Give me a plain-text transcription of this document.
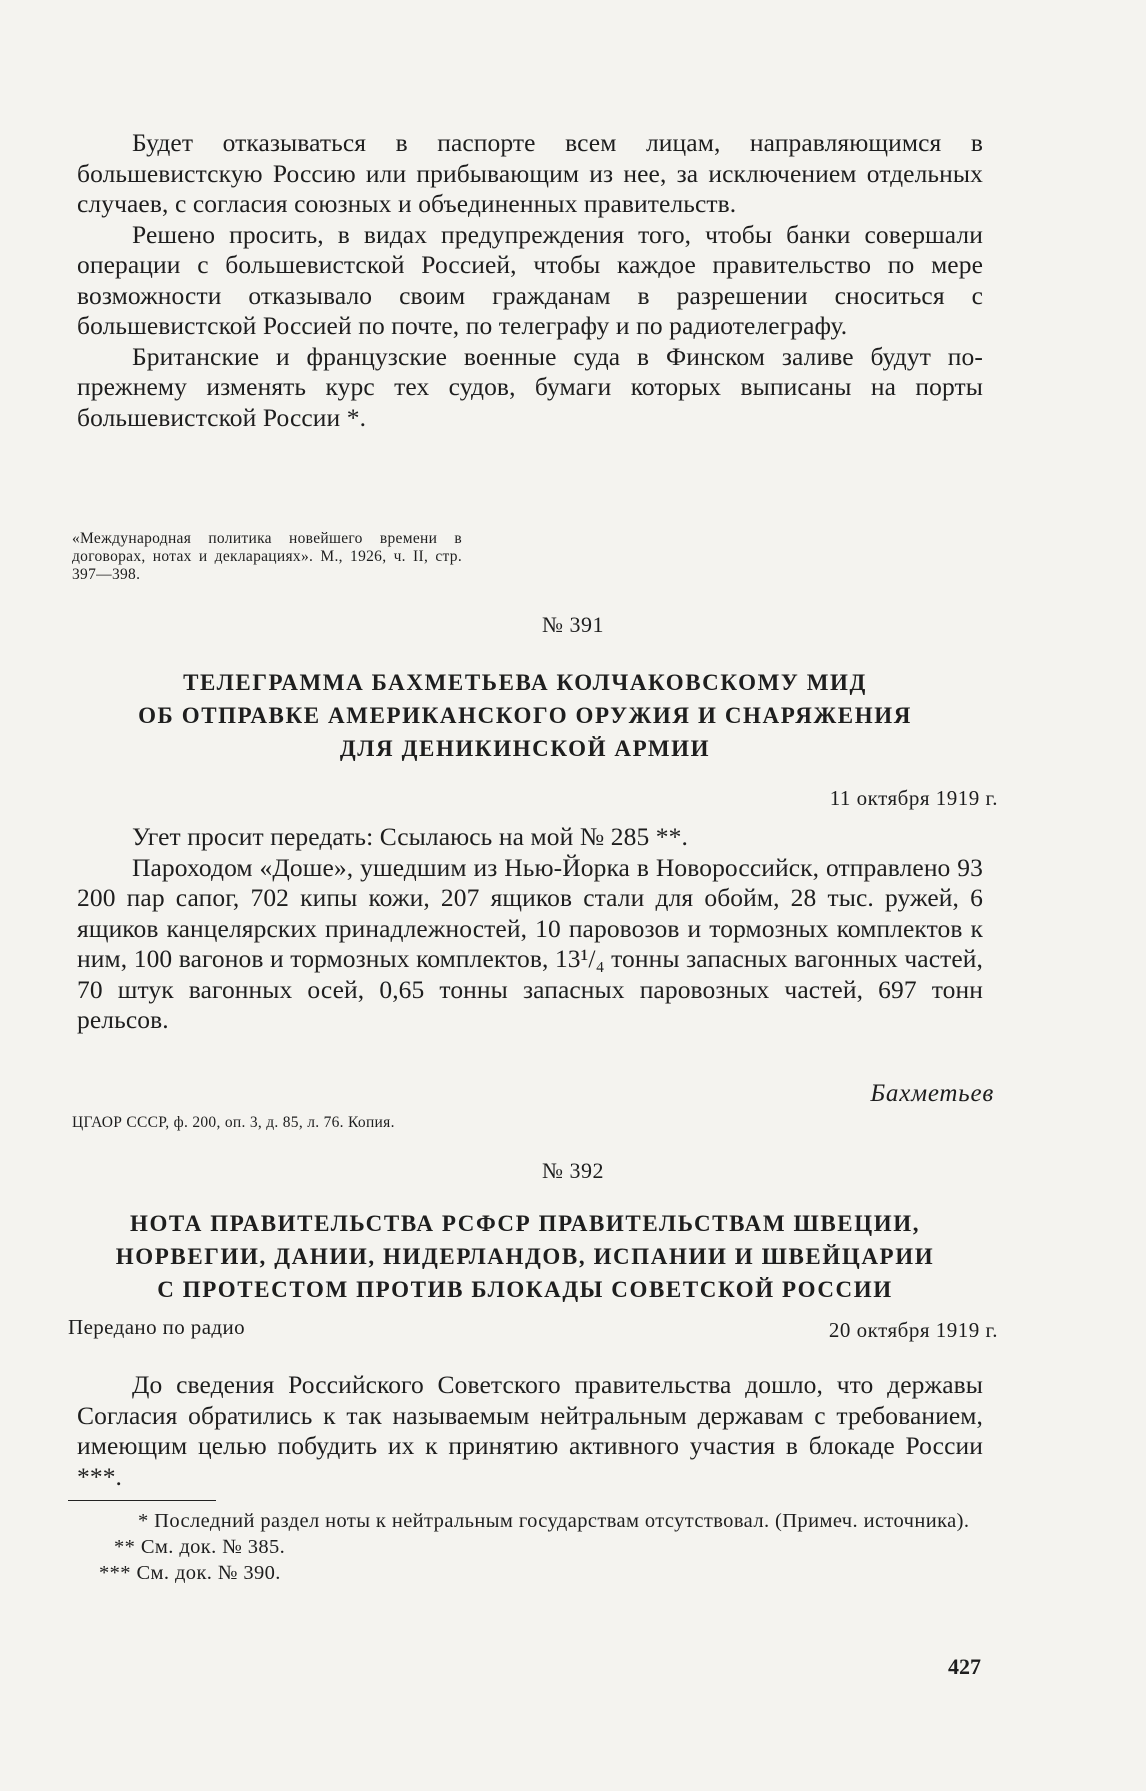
Будет отказываться в паспорте всем лицам, направляющимся в большевистскую Россию или прибывающим из нее, за исключением отдельных случаев, с согласия союзных и объединенных правительств.

Решено просить, в видах предупреждения того, чтобы банки совершали операции с большевистской Россией, чтобы каждое правительство по мере возможности отказывало своим гражданам в разрешении сноситься с большевистской Россией по почте, по телеграфу и по радиотелеграфу.

Британские и французские военные суда в Финском заливе будут по-прежнему изменять курс тех судов, бумаги которых выписаны на порты большевистской России *.

«Международная политика новейшего времени в договорах, нотах и декларациях». М., 1926, ч. II, стр. 397—398.

№ 391
ТЕЛЕГРАММА БАХМЕТЬЕВА КОЛЧАКОВСКОМУ МИД
ОБ ОТПРАВКЕ АМЕРИКАНСКОГО ОРУЖИЯ И СНАРЯЖЕНИЯ
ДЛЯ ДЕНИКИНСКОЙ АРМИИ
11 октября 1919 г.

Угет просит передать: Ссылаюсь на мой № 285 **.

Пароходом «Доше», ушедшим из Нью-Йорка в Новороссийск, отправлено 93 200 пар сапог, 702 кипы кожи, 207 ящиков стали для обойм, 28 тыс. ружей, 6 ящиков канцелярских принадлежностей, 10 паровозов и тормозных комплектов к ним, 100 вагонов и тормозных комплектов, 13¹/₄ тонны запасных вагонных частей, 70 штук вагонных осей, 0,65 тонны запасных паровозных частей, 697 тонн рельсов.

Бахметьев

ЦГАОР СССР, ф. 200, оп. 3, д. 85, л. 76. Копия.

№ 392
НОТА ПРАВИТЕЛЬСТВА РСФСР ПРАВИТЕЛЬСТВАМ ШВЕЦИИ,
НОРВЕГИИ, ДАНИИ, НИДЕРЛАНДОВ, ИСПАНИИ И ШВЕЙЦАРИИ
С ПРОТЕСТОМ ПРОТИВ БЛОКАДЫ СОВЕТСКОЙ РОССИИ
Передано по радио	20 октября 1919 г.

До сведения Российского Советского правительства дошло, что державы Согласия обратились к так называемым нейтральным державам с требованием, имеющим целью побудить их к принятию активного участия в блокаде России ***.

* Последний раздел ноты к нейтральным государствам отсутствовал. (Примеч. источника).

** См. док. № 385.

*** См. док. № 390.

427
